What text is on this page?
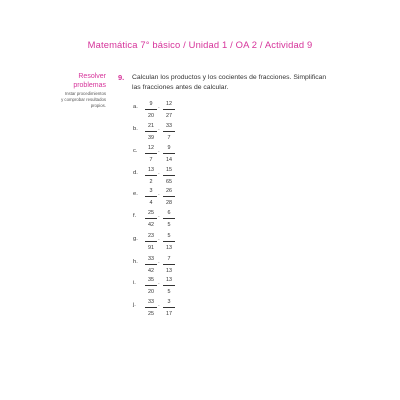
Matemática 7° básico / Unidad 1 / OA 2 / Actividad 9
Resolver
problemas
Instar procedimientos
y comprobar resultados
propios.
9. Calculan los productos y los cocientes de fracciones. Simplifican las fracciones antes de calcular.
a.	9
20
·
12
27
b.	21
39
·
33
7
c.	12
7
·
9
14
d.	13
2
·
15
65
e.	3
4
·
26
28
f.	25
42
·
6
5
g.	23
91
·
5
13
h.	33
42
·
7
13
i.	35
20
·
13
5
j.	33
25
·
3
17
